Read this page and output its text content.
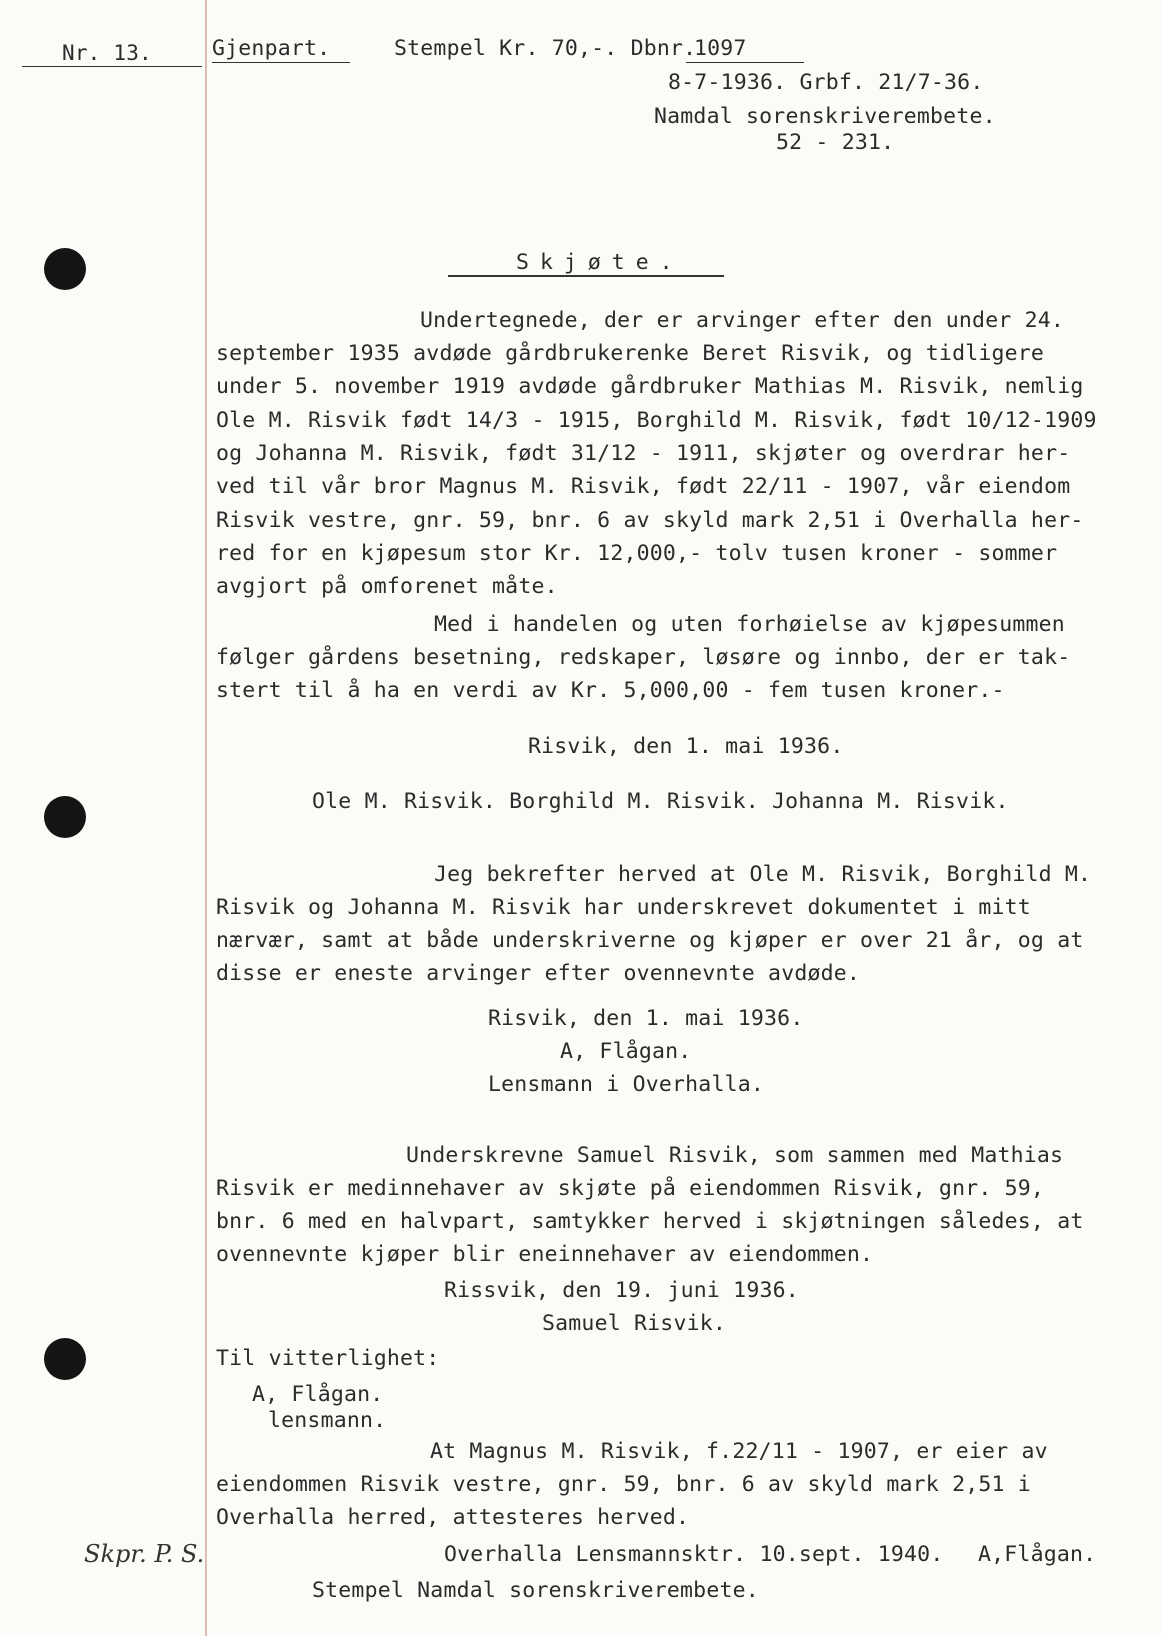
Nr. 13.	Gjenpart.	Stempel Kr. 70,-. Dbnr.
1097
8-7-1936. Grbf. 21/7-36.
Namdal sorenskriverembete.
52 - 231.
Skjøte.
Undertegnede, der er arvinger efter den under 24.
september 1935 avdøde gårdbrukerenke Beret Risvik, og tidligere
under 5. november 1919 avdøde gårdbruker Mathias M. Risvik, nemlig
Ole M. Risvik født 14/3 - 1915, Borghild M. Risvik, født 10/12-1909
og Johanna M. Risvik, født 31/12 - 1911, skjøter og overdrar her-
ved til vår bror Magnus M. Risvik, født 22/11 - 1907, vår eiendom
Risvik vestre, gnr. 59, bnr. 6 av skyld mark 2,51 i Overhalla her-
red for en kjøpesum stor Kr. 12,000,- tolv tusen kroner - sommer
avgjort på omforenet måte.
Med i handelen og uten forhøielse av kjøpesummen
følger gårdens besetning, redskaper, løsøre og innbo, der er tak-
stert til å ha en verdi av Kr. 5,000,00 - fem tusen kroner.-
Risvik, den 1. mai 1936.
Ole M. Risvik. Borghild M. Risvik. Johanna M. Risvik.
Jeg bekrefter herved at Ole M. Risvik, Borghild M.
Risvik og Johanna M. Risvik har underskrevet dokumentet i mitt
nærvær, samt at både underskriverne og kjøper er over 21 år, og at
disse er eneste arvinger efter ovennevnte avdøde.
Risvik, den 1. mai 1936.
A, Flågan.
Lensmann i Overhalla.
Underskrevne Samuel Risvik, som sammen med Mathias
Risvik er medinnehaver av skjøte på eiendommen Risvik, gnr. 59,
bnr. 6 med en halvpart, samtykker herved i skjøtningen således, at
ovennevnte kjøper blir eneinnehaver av eiendommen.
Rissvik, den 19. juni 1936.
Samuel Risvik.
Til vitterlighet:
A, Flågan.
lensmann.
At Magnus M. Risvik, f.22/11 - 1907, er eier av
eiendommen Risvik vestre, gnr. 59, bnr. 6 av skyld mark 2,51 i
Overhalla herred, attesteres herved.
Overhalla Lensmannsktr. 10.sept. 1940. A,Flågan.
Stempel Namdal sorenskriverembete.
Skpr. P. S.
